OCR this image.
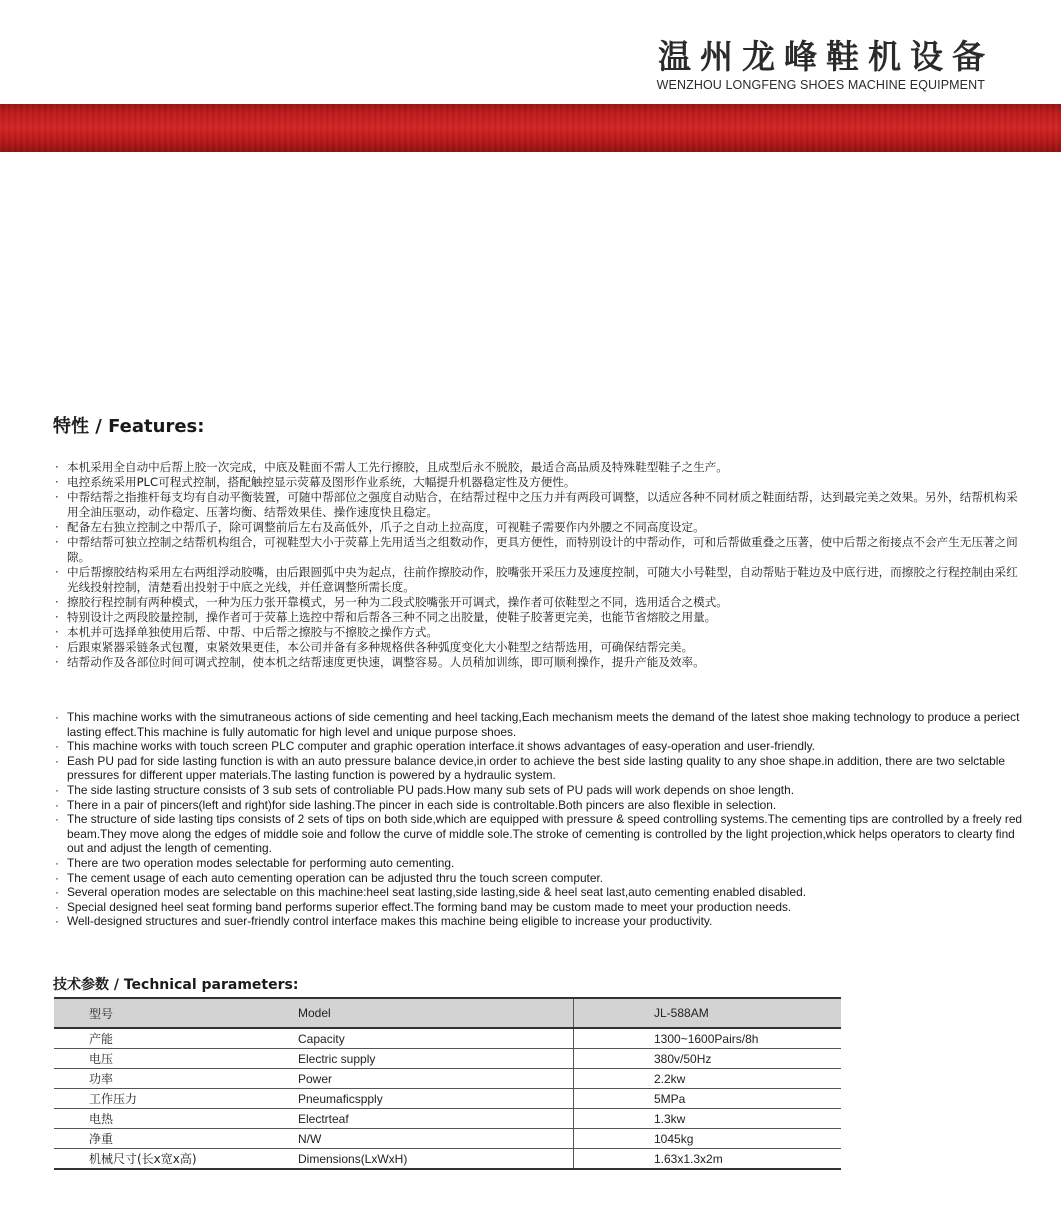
温州龙峰鞋机设备
WENZHOU LONGFENG SHOES MACHINE EQUIPMENT
特性 / Features:
· 本机采用全自动中后帮上胶一次完成，中底及鞋面不需人工先行擦胶，且成型后永不脱胶，最适合高品质及特殊鞋型鞋子之生产。
· 电控系统采用PLC可程式控制，搭配触控显示荧幕及图形作业系统，大幅提升机器稳定性及方便性。
· 中帮结帮之指推杆每支均有自动平衡装置，可随中帮部位之强度自动贴合，在结帮过程中之压力并有两段可调整，以适应各种不同材质之鞋面结帮，达到最完美之效果。另外，结帮机构采用全油压驱动，动作稳定、压著均衡、结帮效果佳、操作速度快且稳定。
· 配备左右独立控制之中帮爪子，除可调整前后左右及高低外，爪子之自动上拉高度，可视鞋子需要作内外腰之不同高度设定。
· 中帮结帮可独立控制之结帮机构组合，可视鞋型大小于荧幕上先用适当之组数动作，更具方便性，而特别设计的中帮动作，可和后帮做重叠之压著，使中后帮之衔接点不会产生无压著之间隙。
· 中后帮擦胶结构采用左右两组浮动胶嘴，由后跟圆弧中央为起点，往前作擦胶动作，胶嘴张开采压力及速度控制，可随大小号鞋型，自动帮贴于鞋边及中底行进，而擦胶之行程控制由采红光线投射控制，清楚看出投射于中底之光线，并任意调整所需长度。
· 擦胶行程控制有两种模式，一种为压力张开靠模式，另一种为二段式胶嘴张开可调式，操作者可依鞋型之不同，选用适合之模式。
· 特别设计之两段胶量控制，操作者可于荧幕上选控中帮和后帮各三种不同之出胶量，使鞋子胶著更完美，也能节省熔胶之用量。
· 本机并可选择单独使用后帮、中帮、中后帮之擦胶与不擦胶之操作方式。
· 后跟束紧器采链条式包覆，束紧效果更佳，本公司并备有多种规格供各种弧度变化大小鞋型之结帮选用，可确保结帮完美。
· 结帮动作及各部位时间可调式控制，使本机之结帮速度更快速，调整容易。人员稍加训练，即可顺利操作，提升产能及效率。
· This machine works with the simutraneous actions of side cementing and heel tacking,Each mechanism meets the demand of the latest shoe making technology to produce a periect lasting effect.This machine is fully automatic for high level and unique purpose shoes.
· This machine works with touch screen PLC computer and graphic operation interface.it shows advantages of easy-operation and user-friendly.
· Eash PU pad for side lasting function is with an auto pressure balance device,in order to achieve the best side lasting quality to any shoe shape.in addition, there are two selctable pressures for different upper materials.The lasting function is powered by a hydraulic system.
· The side lasting structure consists of 3 sub sets of controliable PU pads.How many sub sets of PU pads will work depends on shoe length.
· There in a pair of pincers(left and right)for side lashing.The pincer in each side is controltable.Both pincers are also flexible in selection.
· The structure of side lasting tips consists of 2 sets of tips on both side,which are equipped with pressure & speed controlling systems.The cementing tips are controlled by a freely red beam.They move along the edges of middle soie and follow the curve of middle sole.The stroke of cementing is controlled by the light projection,whick helps operators to clearty find out and adjust the length of cementing.
· There are two operation modes selectable for performing auto cementing.
· The cement usage of each auto cementing operation can be adjusted thru the touch screen computer.
· Several operation modes are selectable on this machine:heel seat lasting,side lasting,side & heel seat last,auto cementing enabled disabled.
· Special designed heel seat forming band performs superior effect.The forming band may be custom made to meet your production needs.
· Well-designed structures and suer-friendly control interface makes this machine being eligible to increase your productivity.
技术参数 / Technical parameters:
型号	Model	JL-588AM
产能	Capacity	1300~1600Pairs/8h
电压	Electric supply	380v/50Hz
功率	Power	2.2kw
工作压力	Pneumaficspply	5MPa
电热	Electrteaf	1.3kw
净重	N/W	1045kg
机械尺寸(长x宽x高)	Dimensions(LxWxH)	1.63x1.3x2m
